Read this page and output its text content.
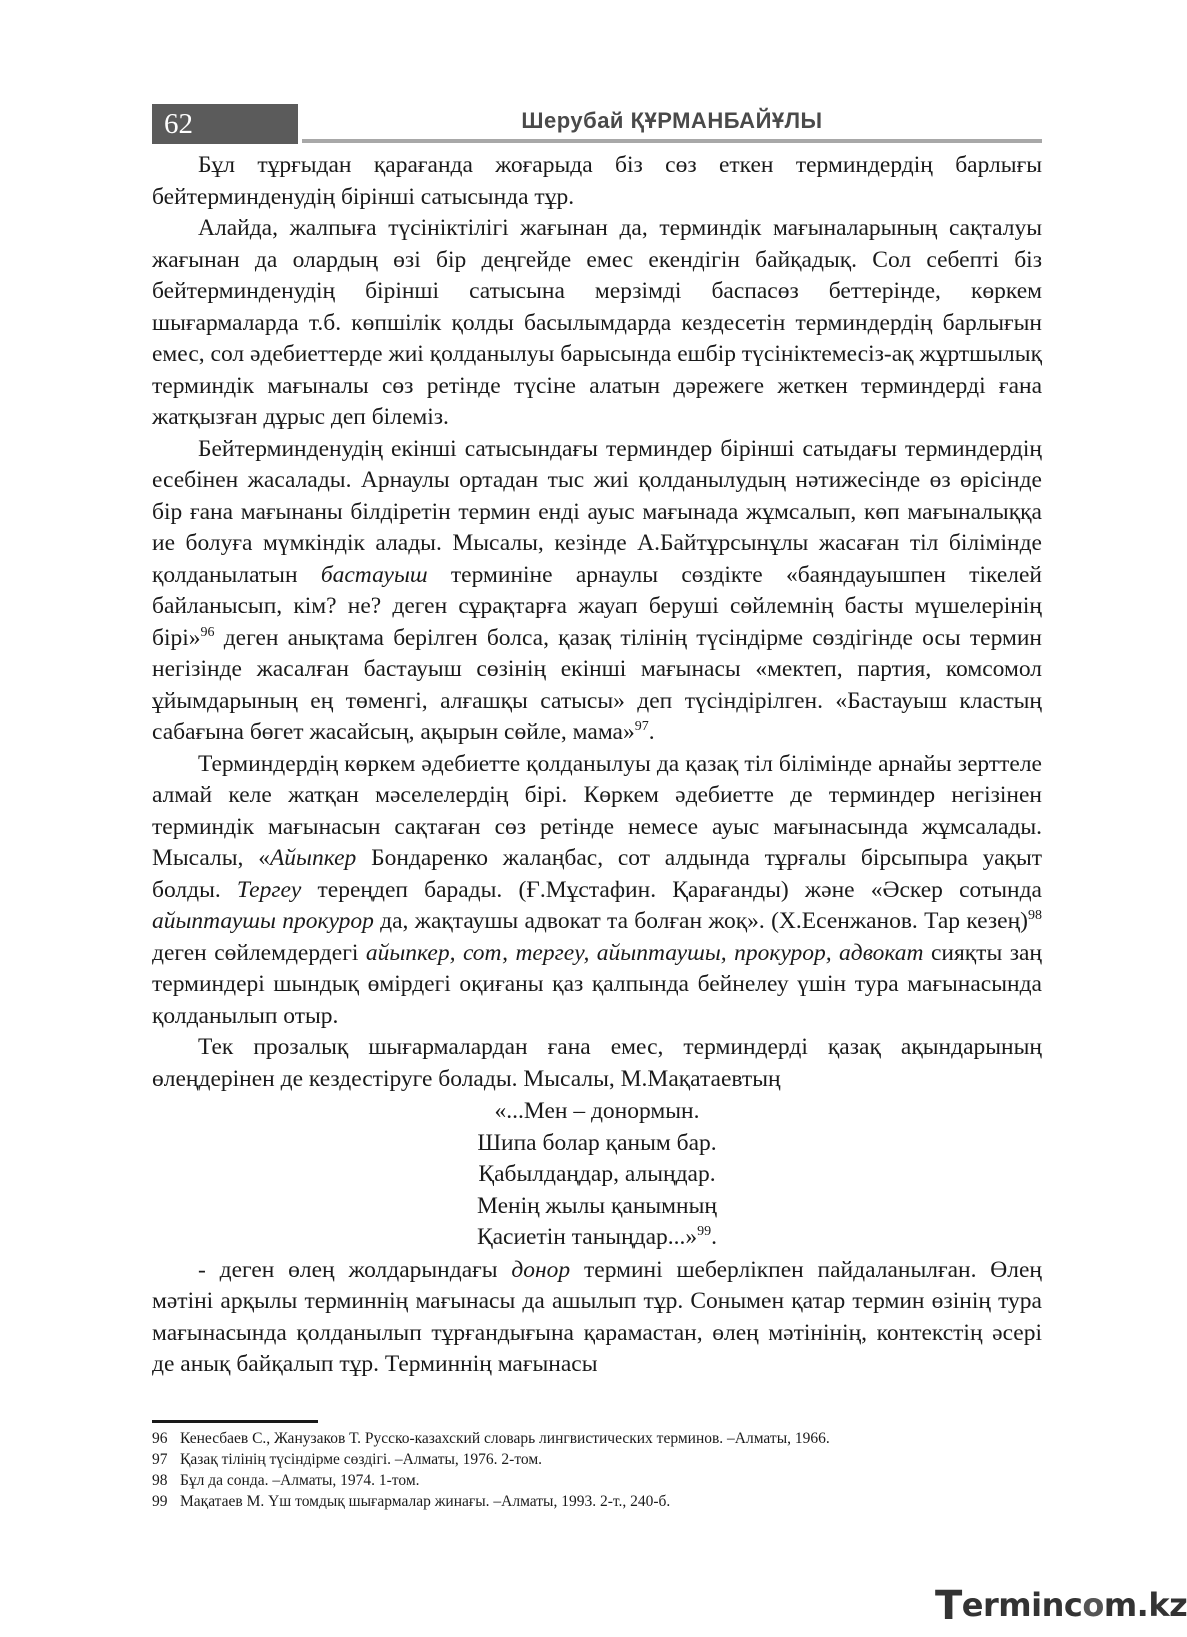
62	Шерубай ҚҰРМАНБАЙҰЛЫ

Бұл тұрғыдан қарағанда жоғарыда біз сөз еткен терминдердің барлығы бейтерминденудің бірінші сатысында тұр.

Алайда, жалпыға түсініктілігі жағынан да, терминдік мағыналарының сақталуы жағынан да олардың өзі бір деңгейде емес екендігін байқадық. Сол себепті біз бейтерминденудің бірінші сатысына мерзімді баспасөз беттерінде, көркем шығармаларда т.б. көпшілік қолды басылымдарда кездесетін терминдердің барлығын емес, сол әдебиеттерде жиі қолданылуы барысында ешбір түсініктемесіз-ақ жұртшылық терминдік мағыналы сөз ретінде түсіне алатын дәрежеге жеткен терминдерді ғана жатқызған дұрыс деп білеміз.

Бейтерминденудің екінші сатысындағы терминдер бірінші сатыдағы терминдердің есебінен жасалады. Арнаулы ортадан тыс жиі қолданылудың нәтижесінде өз өрісінде бір ғана мағынаны білдіретін термин енді ауыс мағынада жұмсалып, көп мағыналыққа ие болуға мүмкіндік алады. Мысалы, кезінде А.Байтұрсынұлы жасаған тіл білімінде қолданылатын бастауыш терминіне арнаулы сөздікте «баяндауышпен тікелей байланысып, кім? не? деген сұрақтарға жауап беруші сөйлемнің басты мүшелерінің бірі»$^{96}$ деген анықтама берілген болса, қазақ тілінің түсіндірме сөздігінде осы термин негізінде жасалған бастауыш сөзінің екінші мағынасы «мектеп, партия, комсомол ұйымдарының ең төменгі, алғашқы сатысы» деп түсіндірілген. «Бастауыш кластың сабағына бөгет жасайсың, ақырын сөйле, мама»$^{97}$.

Терминдердің көркем әдебиетте қолданылуы да қазақ тіл білімінде арнайы зерттеле алмай келе жатқан мәселелердің бірі. Көркем әдебиетте де терминдер негізінен терминдік мағынасын сақтаған сөз ретінде немесе ауыс мағынасында жұмсалады. Мысалы, «Айыпкер Бондаренко жалаңбас, сот алдында тұрғалы бірсыпыра уақыт болды. Тергеу тереңдеп барады. (Ғ.Мұстафин. Қарағанды) және «Әскер сотында айыптаушы прокурор да, жақтаушы адвокат та болған жоқ». (Х.Есенжанов. Тар кезең)$^{98}$ деген сөйлемдердегі айыпкер, сот, тергеу, айыптаушы, прокурор, адвокат сияқты заң терминдері шындық өмірдегі оқиғаны қаз қалпында бейнелеу үшін тура мағынасында қолданылып отыр.

Тек прозалық шығармалардан ғана емес, терминдерді қазақ ақындарының өлеңдерінен де кездестіруге болады. Мысалы, М.Мақатаевтың

«...Мен – донормын.
Шипа болар қаным бар.
Қабылдаңдар, алыңдар.
Менің жылы қанымның
Қасиетін таныңдар...»$^{99}$.

- деген өлең жолдарындағы донор термині шеберлікпен пайдаланылған. Өлең мәтіні арқылы терминнің мағынасы да ашылып тұр. Сонымен қатар термин өзінің тура мағынасында қолданылып тұрғандығына қарамастан, өлең мәтінінің, контекстің әсері де анық байқалып тұр. Терминнің мағынасы

96 Кенесбаев С., Жанузаков Т. Русско-казахский словарь лингвистических терминов. –Алматы, 1966.
97 Қазақ тілінің түсіндірме сөздігі. –Алматы, 1976. 2-том.
98 Бұл да сонда. –Алматы, 1974. 1-том.
99 Мақатаев М. Үш томдық шығармалар жинағы. –Алматы, 1993. 2-т., 240-б.
Termincom.kz
